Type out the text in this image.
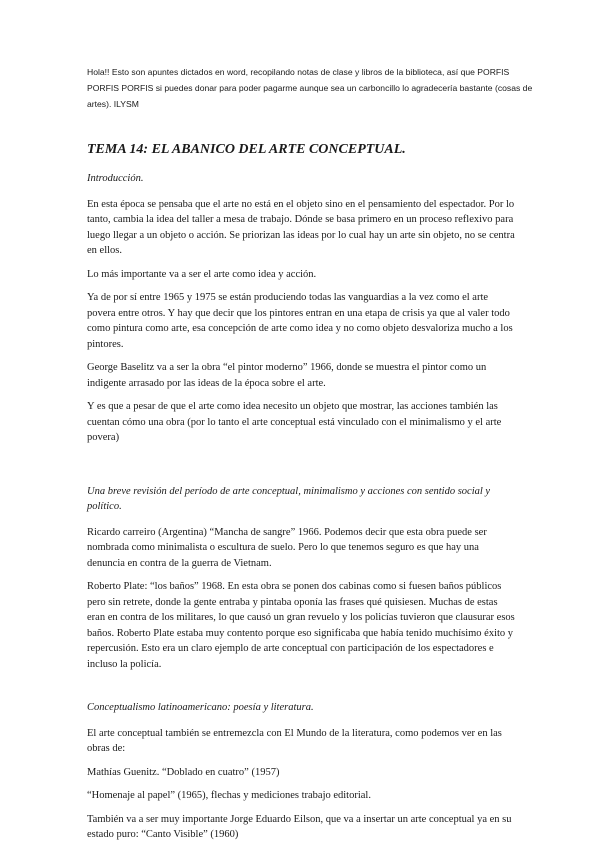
Hola!! Esto son apuntes dictados en word, recopilando notas de clase y libros de la biblioteca, así que PORFIS PORFIS PORFIS si puedes donar para poder pagarme aunque sea un carboncillo lo agradecería bastante (cosas de artes). ILYSM
TEMA 14: EL ABANICO DEL ARTE CONCEPTUAL.
Introducción.

En esta época se pensaba que el arte no está en el objeto sino en el pensamiento del espectador. Por lo tanto, cambia la idea del taller a mesa de trabajo. Dónde se basa primero en un proceso reflexivo para luego llegar a un objeto o acción. Se priorizan las ideas por lo cual hay un arte sin objeto, no se centra en ellos.

Lo más importante va a ser el arte como idea y acción.

Ya de por sí entre 1965 y 1975 se están produciendo todas las vanguardias a la vez como el arte povera entre otros. Y hay que decir que los pintores entran en una etapa de crisis ya que al valer todo como pintura como arte, esa concepción de arte como idea y no como objeto desvaloriza mucho a los pintores.

George Baselitz va a ser la obra “el pintor moderno” 1966, donde se muestra el pintor como un indigente arrasado por las ideas de la época sobre el arte.

Y es que a pesar de que el arte como idea necesito un objeto que mostrar, las acciones también las cuentan cómo una obra (por lo tanto el arte conceptual está vinculado con el minimalismo y el arte povera)

Una breve revisión del período de arte conceptual, minimalismo y acciones con sentido social y político.

Ricardo carreiro (Argentina) “Mancha de sangre” 1966. Podemos decir que esta obra puede ser nombrada como minimalista o escultura de suelo. Pero lo que tenemos seguro es que hay una denuncia en contra de la guerra de Vietnam.

Roberto Plate: “los baños” 1968. En esta obra se ponen dos cabinas como si fuesen baños públicos pero sin retrete, donde la gente entraba y pintaba oponía las frases qué quisiesen. Muchas de estas eran en contra de los militares, lo que causó un gran revuelo y los policías tuvieron que clausurar esos baños. Roberto Plate estaba muy contento porque eso significaba que había tenido muchísimo éxito y repercusión. Esto era un claro ejemplo de arte conceptual con participación de los espectadores e incluso la policía.

Conceptualismo latinoamericano: poesía y literatura.

El arte conceptual también se entremezcla con El Mundo de la literatura, como podemos ver en las obras de:

Mathías Guenitz. “Doblado en cuatro” (1957)

“Homenaje al papel” (1965), flechas y mediciones trabajo editorial.

También va a ser muy importante Jorge Eduardo Eilson, que va a insertar un arte conceptual ya en su estado puro: “Canto Visible” (1960)
